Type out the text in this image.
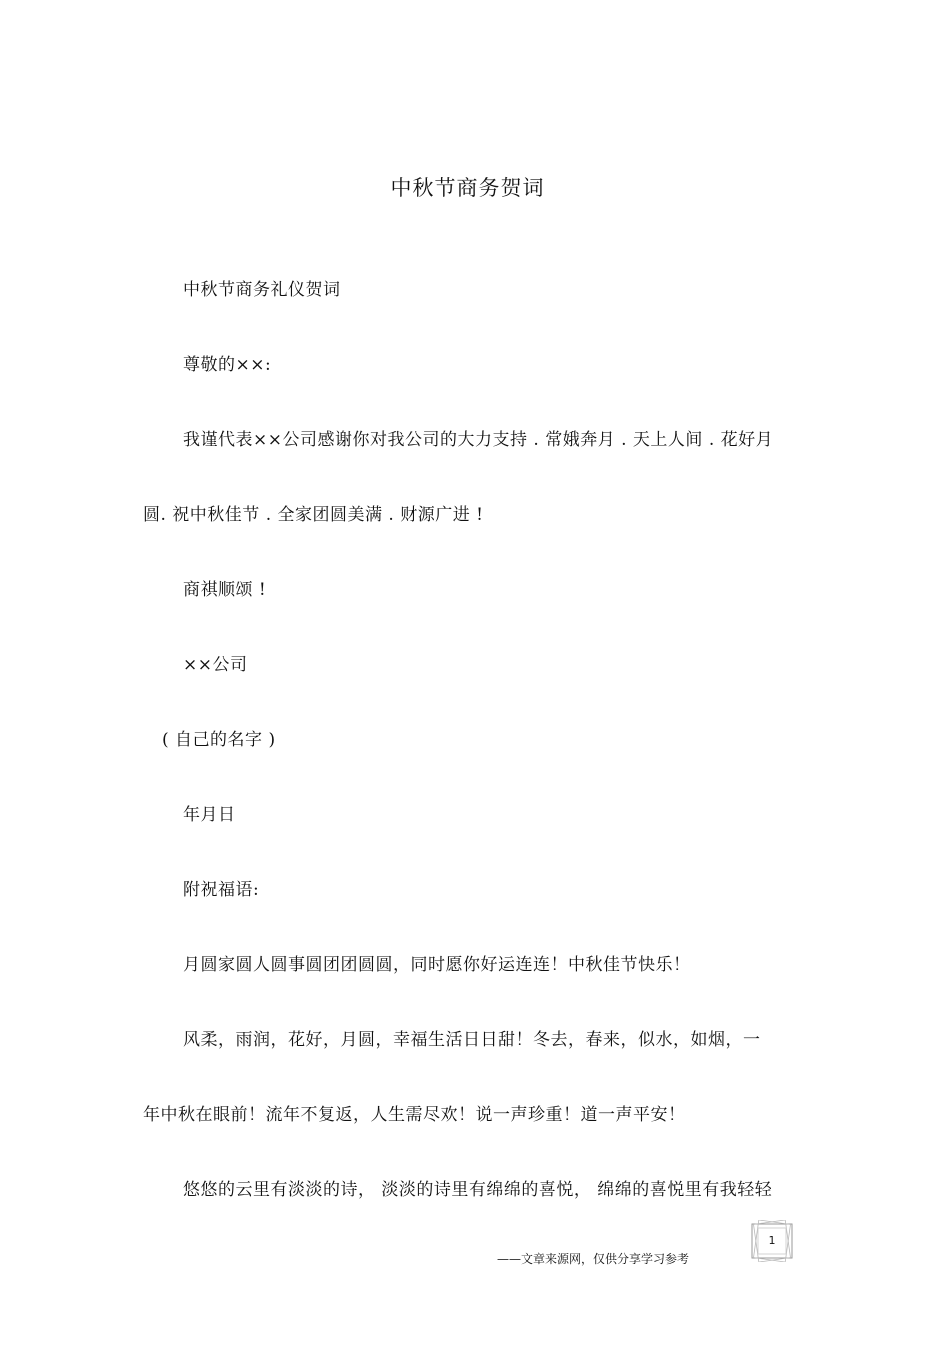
中秋节商务贺词
中秋节商务礼仪贺词
尊敬的××:
我谨代表××公司感谢你对我公司的大力支持 . 常娥奔月 . 天上人间 . 花好月
圆. 祝中秋佳节 . 全家团圆美满 . 财源广进 !
商祺顺颂 !
××公司
( 自己的名字 )
年月日
附祝福语:
月圆家圆人圆事圆团团圆圆，同时愿你好运连连！中秋佳节快乐！
风柔，雨润，花好，月圆，幸福生活日日甜！冬去，春来，似水，如烟，一
年中秋在眼前！流年不复返，人生需尽欢！说一声珍重！道一声平安！
悠悠的云里有淡淡的诗， 淡淡的诗里有绵绵的喜悦， 绵绵的喜悦里有我轻轻
——文章来源网，仅供分享学习参考
1
